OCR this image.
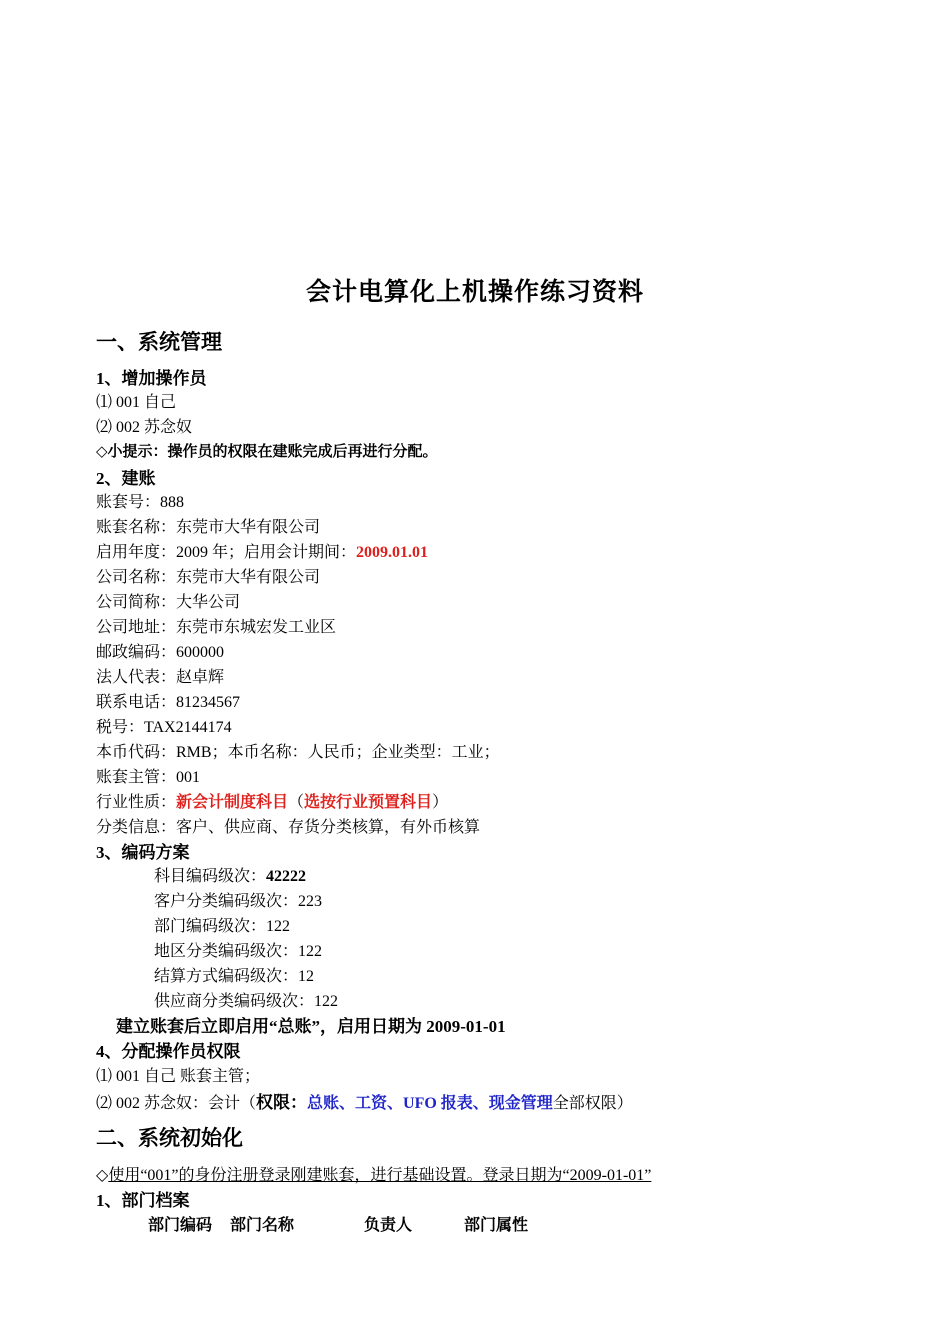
会计电算化上机操作练习资料
一、系统管理
1、增加操作员
⑴ 001 自己
⑵ 002 苏念奴
◇小提示：操作员的权限在建账完成后再进行分配。
2、建账
账套号：888
账套名称：东莞市大华有限公司
启用年度：2009 年；启用会计期间：2009.01.01
公司名称：东莞市大华有限公司
公司简称：大华公司
公司地址：东莞市东城宏发工业区
邮政编码：600000
法人代表：赵卓辉
联系电话：81234567
税号：TAX2144174
本币代码：RMB；本币名称：人民币；企业类型：工业；
账套主管：001
行业性质：新会计制度科目（选按行业预置科目）
分类信息：客户、供应商、存货分类核算，有外币核算
3、编码方案
科目编码级次：42222
客户分类编码级次：223
部门编码级次：122
地区分类编码级次：122
结算方式编码级次：12
供应商分类编码级次：122
建立账套后立即启用“总账”，启用日期为 2009-01-01
4、分配操作员权限
⑴ 001 自己 账套主管；
⑵ 002 苏念奴：会计（权限：总账、工资、UFO 报表、现金管理全部权限）
二、系统初始化
◇使用“001”的身份注册登录刚建账套，进行基础设置。登录日期为“2009-01-01”
1、部门档案
部门编码 部门名称	负责人	部门属性
